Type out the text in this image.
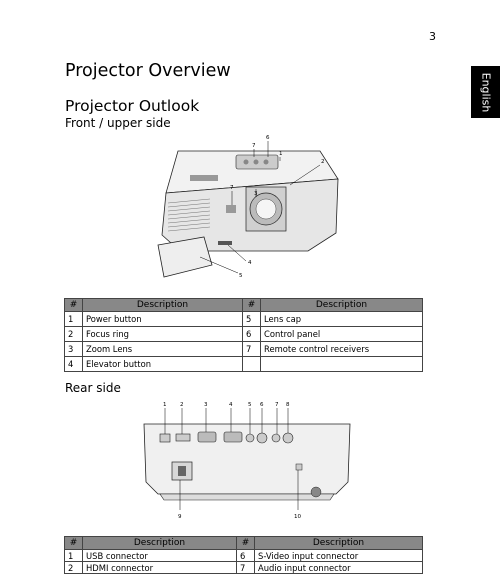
3
English
Projector Overview
Projector Outlook
Front / upper side
7
6
1
2
3
7
4
5
#	Description	#	Description
1	Power button	5	Lens cap
2	Focus ring	6	Control panel
3	Zoom Lens	7	Remote control receivers
4	Elevator button		
Rear side
1 2	3	4	5 6 7 8
9	10
#	Description	#	Description
1	USB connector	6	S-Video input connector
2	HDMI connector	7	Audio input connector
